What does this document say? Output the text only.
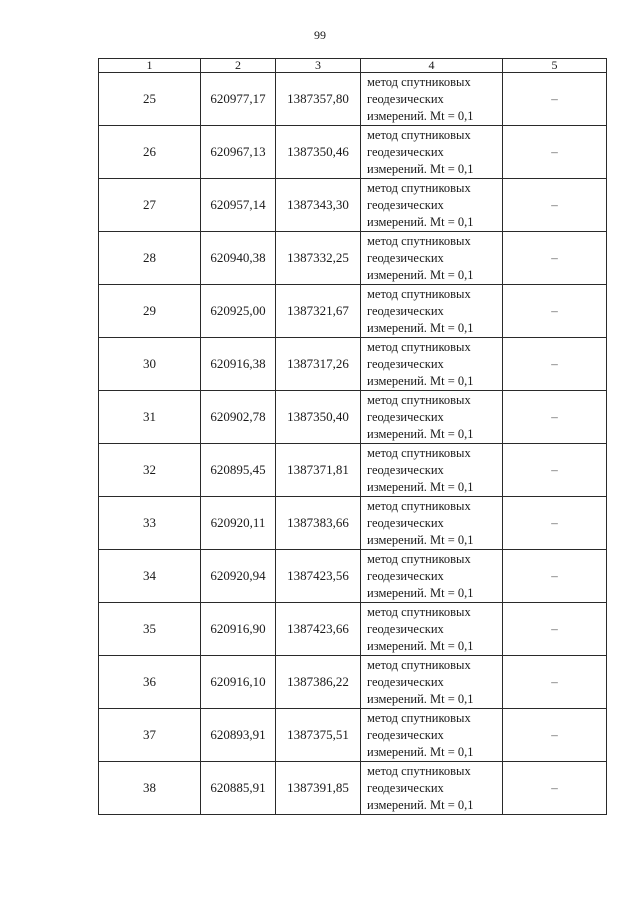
99
1	2	3	4	5
25	620977,17	1387357,80	метод спутниковых
геодезических
измерений. Mt = 0,1	–
26	620967,13	1387350,46	метод спутниковых
геодезических
измерений. Mt = 0,1	–
27	620957,14	1387343,30	метод спутниковых
геодезических
измерений. Mt = 0,1	–
28	620940,38	1387332,25	метод спутниковых
геодезических
измерений. Mt = 0,1	–
29	620925,00	1387321,67	метод спутниковых
геодезических
измерений. Mt = 0,1	–
30	620916,38	1387317,26	метод спутниковых
геодезических
измерений. Mt = 0,1	–
31	620902,78	1387350,40	метод спутниковых
геодезических
измерений. Mt = 0,1	–
32	620895,45	1387371,81	метод спутниковых
геодезических
измерений. Mt = 0,1	–
33	620920,11	1387383,66	метод спутниковых
геодезических
измерений. Mt = 0,1	–
34	620920,94	1387423,56	метод спутниковых
геодезических
измерений. Mt = 0,1	–
35	620916,90	1387423,66	метод спутниковых
геодезических
измерений. Mt = 0,1	–
36	620916,10	1387386,22	метод спутниковых
геодезических
измерений. Mt = 0,1	–
37	620893,91	1387375,51	метод спутниковых
геодезических
измерений. Mt = 0,1	–
38	620885,91	1387391,85	метод спутниковых
геодезических
измерений. Mt = 0,1	–
